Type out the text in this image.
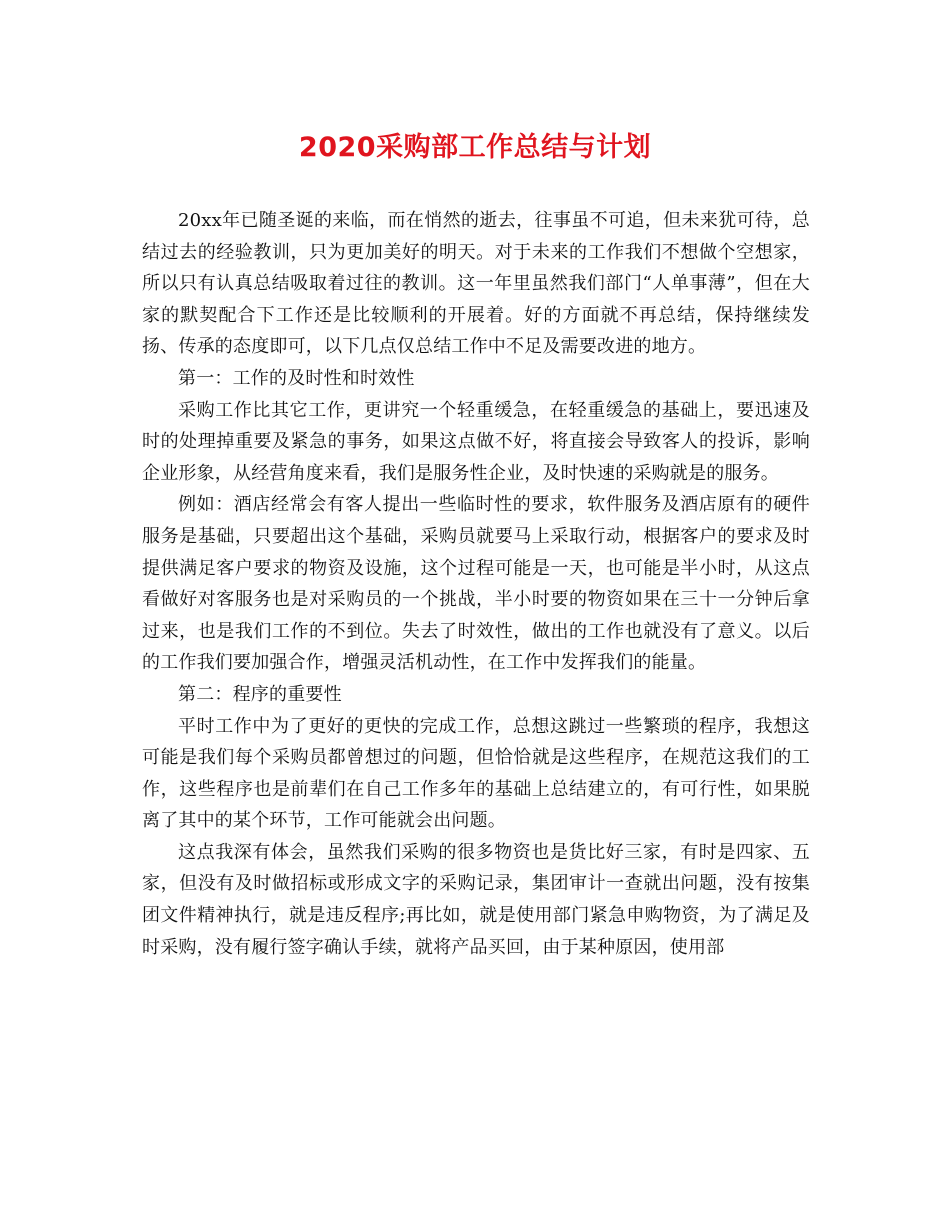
2020采购部工作总结与计划

20xx年已随圣诞的来临，而在悄然的逝去，往事虽不可追，但未来犹可待，总结过去的经验教训，只为更加美好的明天。对于未来的工作我们不想做个空想家，所以只有认真总结吸取着过往的教训。这一年里虽然我们部门“人单事薄”，但在大家的默契配合下工作还是比较顺利的开展着。好的方面就不再总结，保持继续发扬、传承的态度即可，以下几点仅总结工作中不足及需要改进的地方。

第一：工作的及时性和时效性

采购工作比其它工作，更讲究一个轻重缓急，在轻重缓急的基础上，要迅速及时的处理掉重要及紧急的事务，如果这点做不好，将直接会导致客人的投诉，影响企业形象，从经营角度来看，我们是服务性企业，及时快速的采购就是的服务。

例如：酒店经常会有客人提出一些临时性的要求，软件服务及酒店原有的硬件服务是基础，只要超出这个基础，采购员就要马上采取行动，根据客户的要求及时提供满足客户要求的物资及设施，这个过程可能是一天，也可能是半小时，从这点看做好对客服务也是对采购员的一个挑战，半小时要的物资如果在三十一分钟后拿过来，也是我们工作的不到位。失去了时效性，做出的工作也就没有了意义。以后的工作我们要加强合作，增强灵活机动性，在工作中发挥我们的能量。

第二：程序的重要性

平时工作中为了更好的更快的完成工作，总想这跳过一些繁琐的程序，我想这可能是我们每个采购员都曾想过的问题，但恰恰就是这些程序，在规范这我们的工作，这些程序也是前辈们在自己工作多年的基础上总结建立的，有可行性，如果脱离了其中的某个环节，工作可能就会出问题。

这点我深有体会，虽然我们采购的很多物资也是货比好三家，有时是四家、五家，但没有及时做招标或形成文字的采购记录，集团审计一查就出问题，没有按集团文件精神执行，就是违反程序;再比如，就是使用部门紧急申购物资，为了满足及时采购，没有履行签字确认手续，就将产品买回，由于某种原因，使用部
